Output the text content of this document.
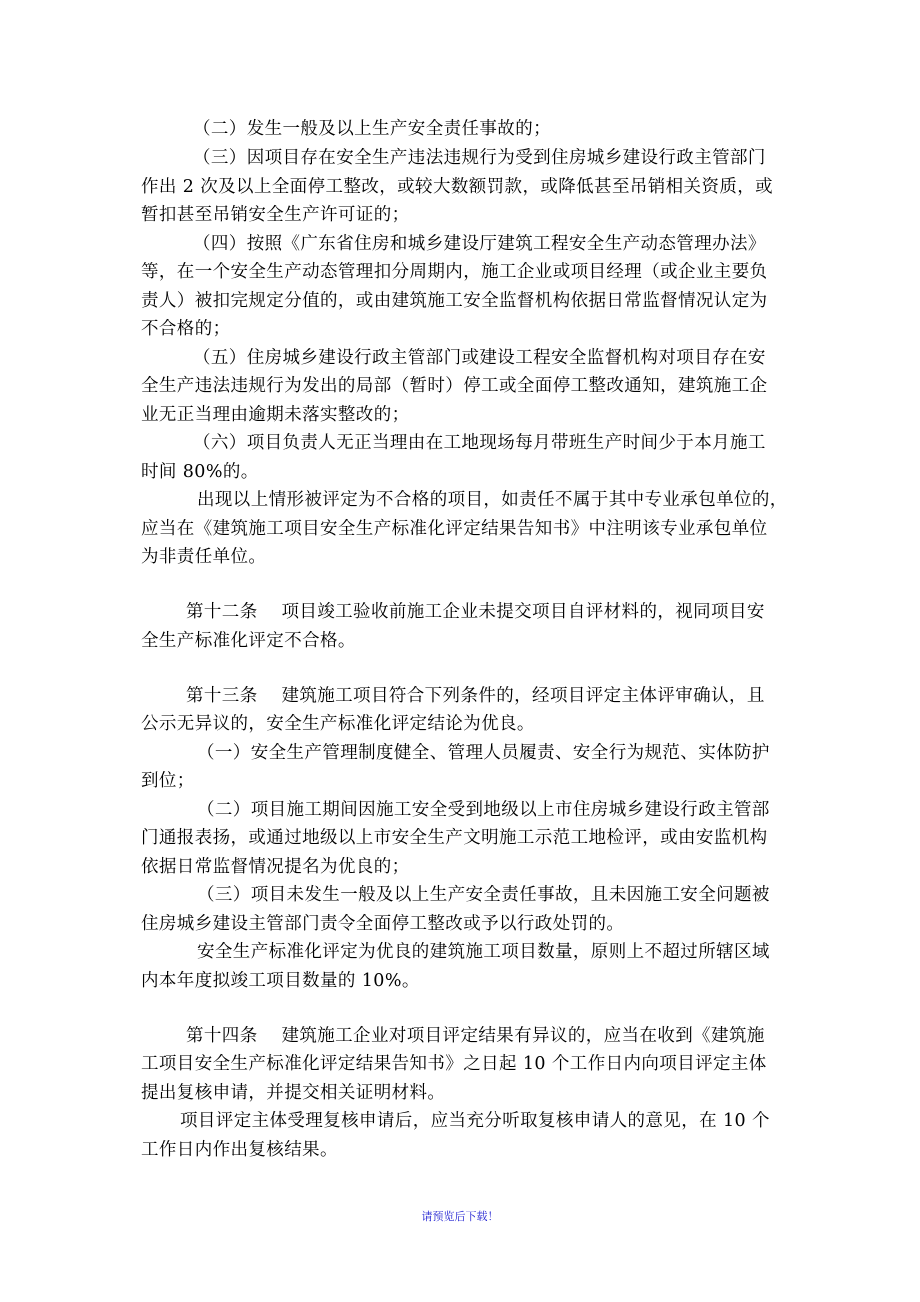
（二）发生一般及以上生产安全责任事故的；
（三）因项目存在安全生产违法违规行为受到住房城乡建设行政主管部门
作出 2 次及以上全面停工整改，或较大数额罚款，或降低甚至吊销相关资质，或
暂扣甚至吊销安全生产许可证的；
（四）按照《广东省住房和城乡建设厅建筑工程安全生产动态管理办法》
等，在一个安全生产动态管理扣分周期内，施工企业或项目经理（或企业主要负
责人）被扣完规定分值的，或由建筑施工安全监督机构依据日常监督情况认定为
不合格的；
（五）住房城乡建设行政主管部门或建设工程安全监督机构对项目存在安
全生产违法违规行为发出的局部（暂时）停工或全面停工整改通知，建筑施工企
业无正当理由逾期未落实整改的；
（六）项目负责人无正当理由在工地现场每月带班生产时间少于本月施工
时间 80%的。
出现以上情形被评定为不合格的项目，如责任不属于其中专业承包单位的，
应当在《建筑施工项目安全生产标准化评定结果告知书》中注明该专业承包单位
为非责任单位。
第十二条　 项目竣工验收前施工企业未提交项目自评材料的，视同项目安
全生产标准化评定不合格。
第十三条　 建筑施工项目符合下列条件的，经项目评定主体评审确认，且
公示无异议的，安全生产标准化评定结论为优良。
（一）安全生产管理制度健全、管理人员履责、安全行为规范、实体防护
到位；
（二）项目施工期间因施工安全受到地级以上市住房城乡建设行政主管部
门通报表扬，或通过地级以上市安全生产文明施工示范工地检评，或由安监机构
依据日常监督情况提名为优良的；
（三）项目未发生一般及以上生产安全责任事故，且未因施工安全问题被
住房城乡建设主管部门责令全面停工整改或予以行政处罚的。
安全生产标准化评定为优良的建筑施工项目数量，原则上不超过所辖区域
内本年度拟竣工项目数量的 10%。
第十四条　 建筑施工企业对项目评定结果有异议的，应当在收到《建筑施
工项目安全生产标准化评定结果告知书》之日起 10 个工作日内向项目评定主体
提出复核申请，并提交相关证明材料。
项目评定主体受理复核申请后，应当充分听取复核申请人的意见，在 10 个
工作日内作出复核结果。
请预览后下载！
